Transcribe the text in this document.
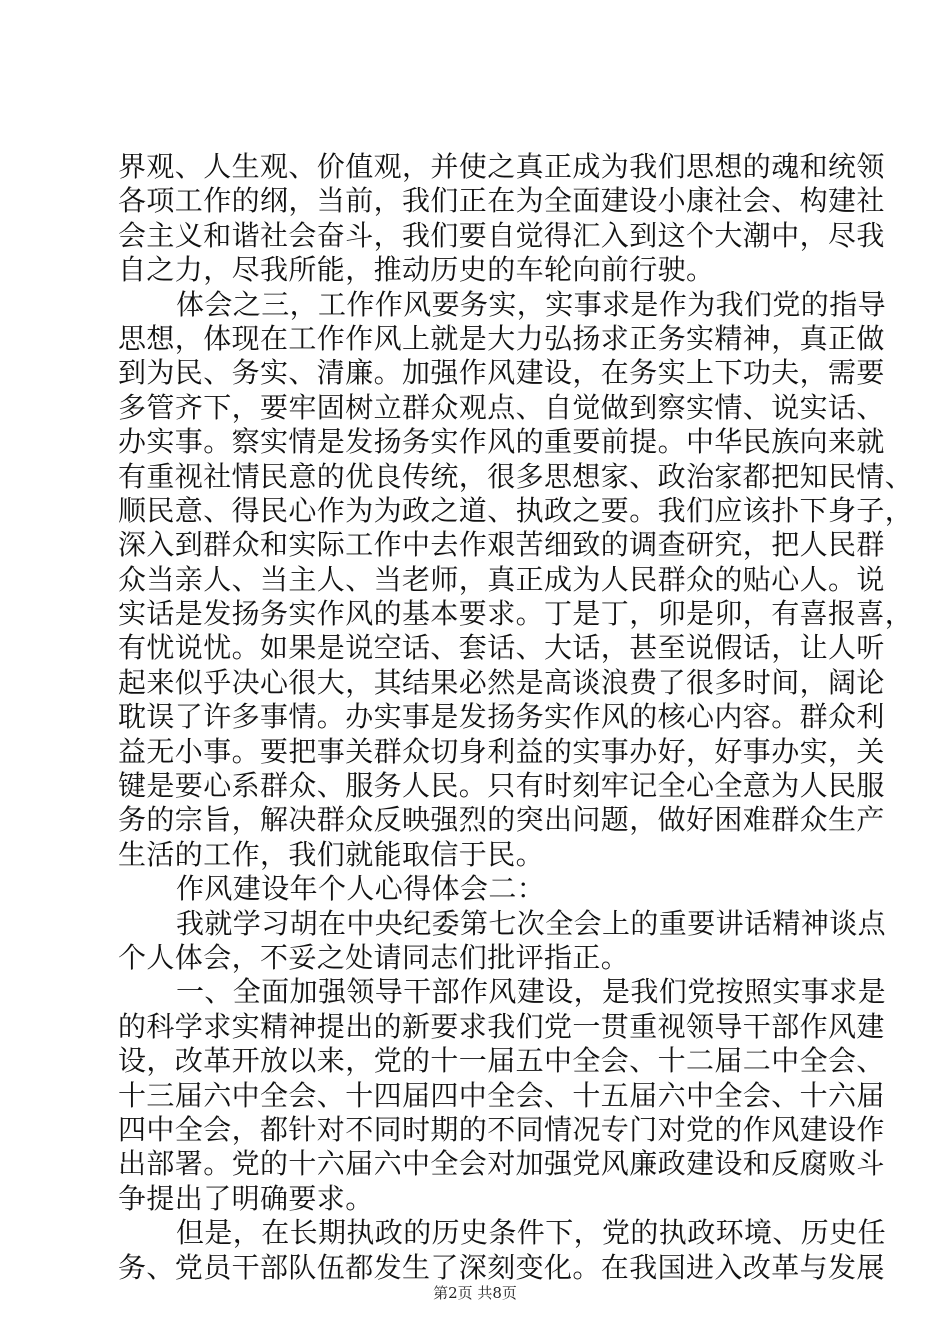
界观、人生观、价值观，并使之真正成为我们思想的魂和统领
各项工作的纲，当前，我们正在为全面建设小康社会、构建社
会主义和谐社会奋斗，我们要自觉得汇入到这个大潮中，尽我
自之力，尽我所能，推动历史的车轮向前行驶。
体会之三，工作作风要务实，实事求是作为我们党的指导
思想，体现在工作作风上就是大力弘扬求正务实精神，真正做
到为民、务实、清廉。加强作风建设，在务实上下功夫，需要
多管齐下，要牢固树立群众观点、自觉做到察实情、说实话、
办实事。察实情是发扬务实作风的重要前提。中华民族向来就
有重视社情民意的优良传统，很多思想家、政治家都把知民情、
顺民意、得民心作为为政之道、执政之要。我们应该扑下身子，
深入到群众和实际工作中去作艰苦细致的调查研究，把人民群
众当亲人、当主人、当老师，真正成为人民群众的贴心人。说
实话是发扬务实作风的基本要求。丁是丁，卯是卯，有喜报喜，
有忧说忧。如果是说空话、套话、大话，甚至说假话，让人听
起来似乎决心很大，其结果必然是高谈浪费了很多时间，阔论
耽误了许多事情。办实事是发扬务实作风的核心内容。群众利
益无小事。要把事关群众切身利益的实事办好，好事办实，关
键是要心系群众、服务人民。只有时刻牢记全心全意为人民服
务的宗旨，解决群众反映强烈的突出问题，做好困难群众生产
生活的工作，我们就能取信于民。
作风建设年个人心得体会二：
我就学习胡在中央纪委第七次全会上的重要讲话精神谈点
个人体会，不妥之处请同志们批评指正。
一、全面加强领导干部作风建设，是我们党按照实事求是
的科学求实精神提出的新要求我们党一贯重视领导干部作风建
设，改革开放以来，党的十一届五中全会、十二届二中全会、
十三届六中全会、十四届四中全会、十五届六中全会、十六届
四中全会，都针对不同时期的不同情况专门对党的作风建设作
出部署。党的十六届六中全会对加强党风廉政建设和反腐败斗
争提出了明确要求。
但是，在长期执政的历史条件下，党的执政环境、历史任
务、党员干部队伍都发生了深刻变化。在我国进入改革与发展
第2页 共8页
